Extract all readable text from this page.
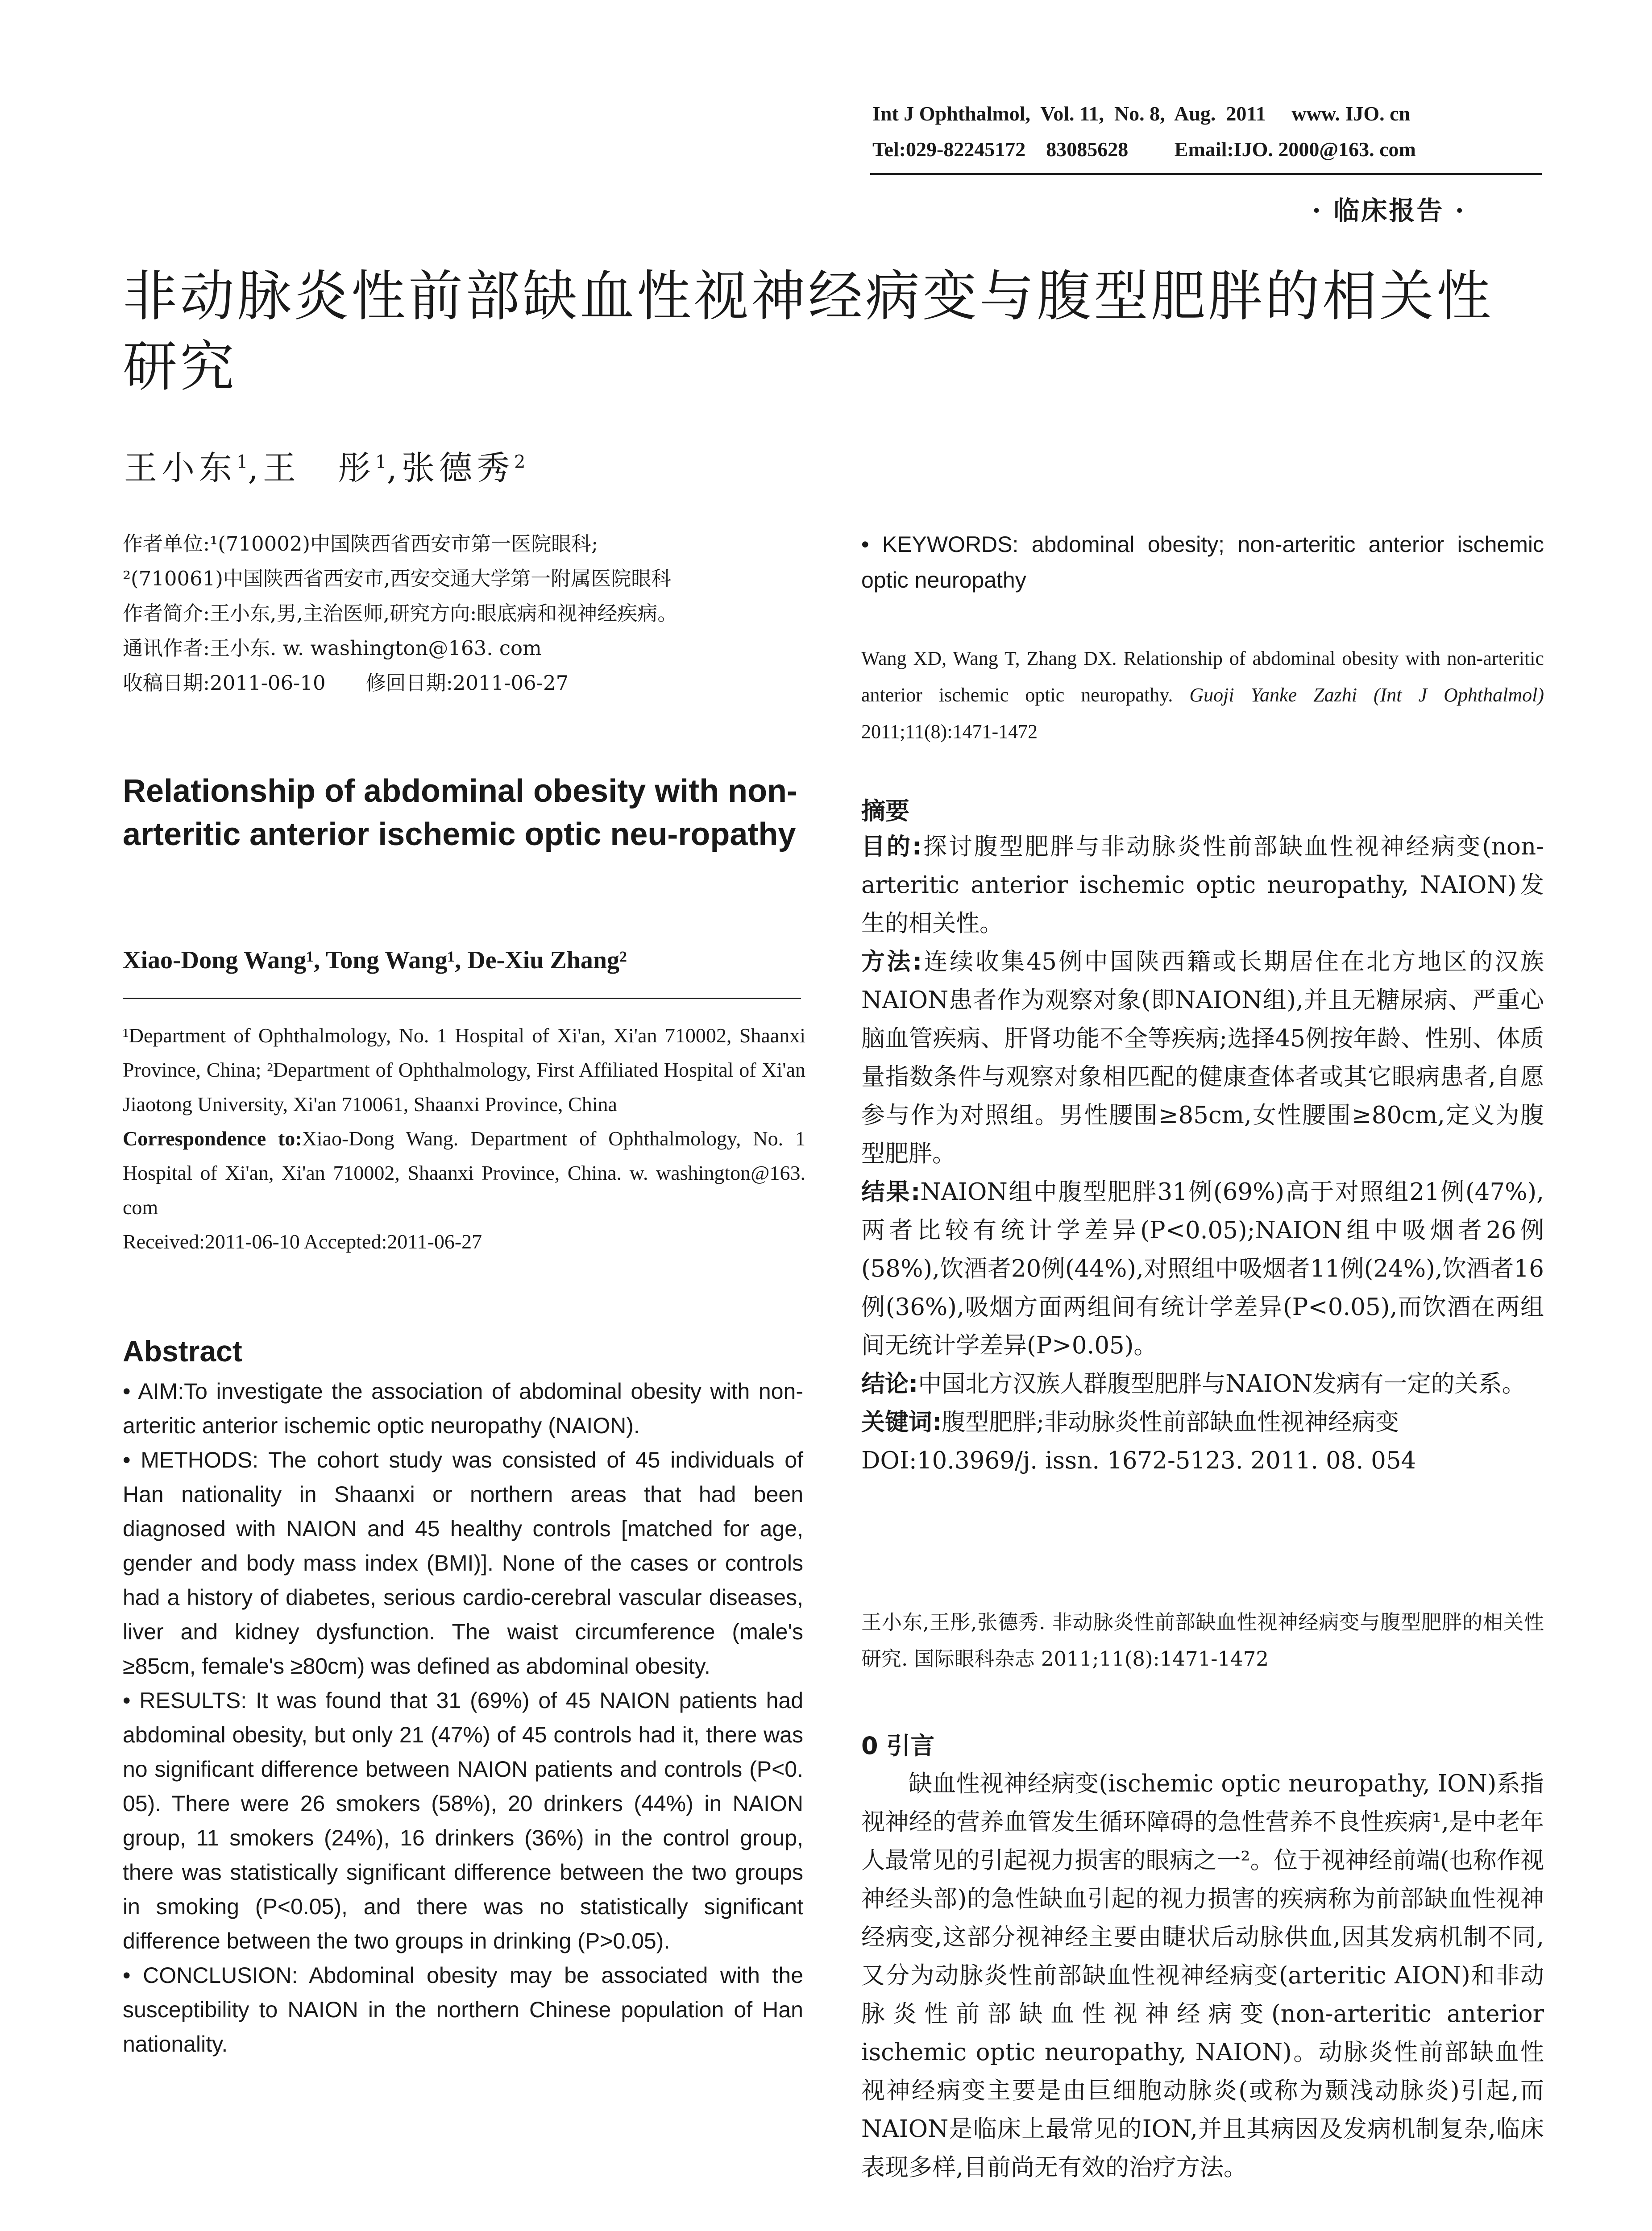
Int J Ophthalmol,  Vol. 11,  No. 8,  Aug.  2011     www. IJO. cn
Tel:029-82245172    83085628         Email:IJO. 2000@163. com
· 临床报告 ·
非动脉炎性前部缺血性视神经病变与腹型肥胖的相关性研究
王小东$^1$,王　彤$^1$,张德秀$^2$

作者单位:¹(710002)中国陕西省西安市第一医院眼科;

²(710061)中国陕西省西安市,西安交通大学第一附属医院眼科

作者简介:王小东,男,主治医师,研究方向:眼底病和视神经疾病。

通讯作者:王小东. w. washington@163. com

收稿日期:2011-06-10　　修回日期:2011-06-27

Relationship of abdominal obesity with non-arteritic anterior ischemic optic neu-ropathy
Xiao-Dong Wang¹, Tong Wang¹, De-Xiu Zhang²

¹Department of Ophthalmology, No. 1 Hospital of Xi'an, Xi'an 710002, Shaanxi Province, China; ²Department of Ophthalmology, First Affiliated Hospital of Xi'an Jiaotong University, Xi'an 710061, Shaanxi Province, China

Correspondence to:Xiao-Dong Wang. Department of Ophthalmology, No. 1 Hospital of Xi'an, Xi'an 710002, Shaanxi Province, China. w. washington@163. com

Received:2011-06-10 Accepted:2011-06-27

Abstract

• AIM:To investigate the association of abdominal obesity with non-arteritic anterior ischemic optic neuropathy (NAION).

• METHODS: The cohort study was consisted of 45 individuals of Han nationality in Shaanxi or northern areas that had been diagnosed with NAION and 45 healthy controls [matched for age, gender and body mass index (BMI)]. None of the cases or controls had a history of diabetes, serious cardio-cerebral vascular diseases, liver and kidney dysfunction. The waist circumference (male's ≥85cm, female's ≥80cm) was defined as abdominal obesity.

• RESULTS: It was found that 31 (69%) of 45 NAION patients had abdominal obesity, but only 21 (47%) of 45 controls had it, there was no significant difference between NAION patients and controls (P<0. 05). There were 26 smokers (58%), 20 drinkers (44%) in NAION group, 11 smokers (24%), 16 drinkers (36%) in the control group, there was statistically significant difference between the two groups in smoking (P<0.05), and there was no statistically significant difference between the two groups in drinking (P>0.05).

• CONCLUSION: Abdominal obesity may be associated with the susceptibility to NAION in the northern Chinese population of Han nationality.

• KEYWORDS: abdominal obesity; non-arteritic anterior ischemic optic neuropathy
Wang XD, Wang T, Zhang DX. Relationship of abdominal obesity with non-arteritic anterior ischemic optic neuropathy. Guoji Yanke Zazhi (Int J Ophthalmol) 2011;11(8):1471-1472
摘要

目的:探讨腹型肥胖与非动脉炎性前部缺血性视神经病变(non-arteritic anterior ischemic optic neuropathy, NAION)发生的相关性。

方法:连续收集45例中国陕西籍或长期居住在北方地区的汉族NAION患者作为观察对象(即NAION组),并且无糖尿病、严重心脑血管疾病、肝肾功能不全等疾病;选择45例按年龄、性别、体质量指数条件与观察对象相匹配的健康查体者或其它眼病患者,自愿参与作为对照组。男性腰围≥85cm,女性腰围≥80cm,定义为腹型肥胖。

结果:NAION组中腹型肥胖31例(69%)高于对照组21例(47%),两者比较有统计学差异(P<0.05);NAION组中吸烟者26例(58%),饮酒者20例(44%),对照组中吸烟者11例(24%),饮酒者16例(36%),吸烟方面两组间有统计学差异(P<0.05),而饮酒在两组间无统计学差异(P>0.05)。

结论:中国北方汉族人群腹型肥胖与NAION发病有一定的关系。

关键词:腹型肥胖;非动脉炎性前部缺血性视神经病变

DOI:10.3969/j. issn. 1672-5123. 2011. 08. 054

王小东,王彤,张德秀. 非动脉炎性前部缺血性视神经病变与腹型肥胖的相关性研究. 国际眼科杂志 2011;11(8):1471-1472
0 引言
缺血性视神经病变(ischemic optic neuropathy, ION)系指视神经的营养血管发生循环障碍的急性营养不良性疾病¹,是中老年人最常见的引起视力损害的眼病之一²。位于视神经前端(也称作视神经头部)的急性缺血引起的视力损害的疾病称为前部缺血性视神经病变,这部分视神经主要由睫状后动脉供血,因其发病机制不同,又分为动脉炎性前部缺血性视神经病变(arteritic AION)和非动脉炎性前部缺血性视神经病变(non-arteritic anterior ischemic optic neuropathy, NAION)。动脉炎性前部缺血性视神经病变主要是由巨细胞动脉炎(或称为颞浅动脉炎)引起,而NAION是临床上最常见的ION,并且其病因及发病机制复杂,临床表现多样,目前尚无有效的治疗方法。
